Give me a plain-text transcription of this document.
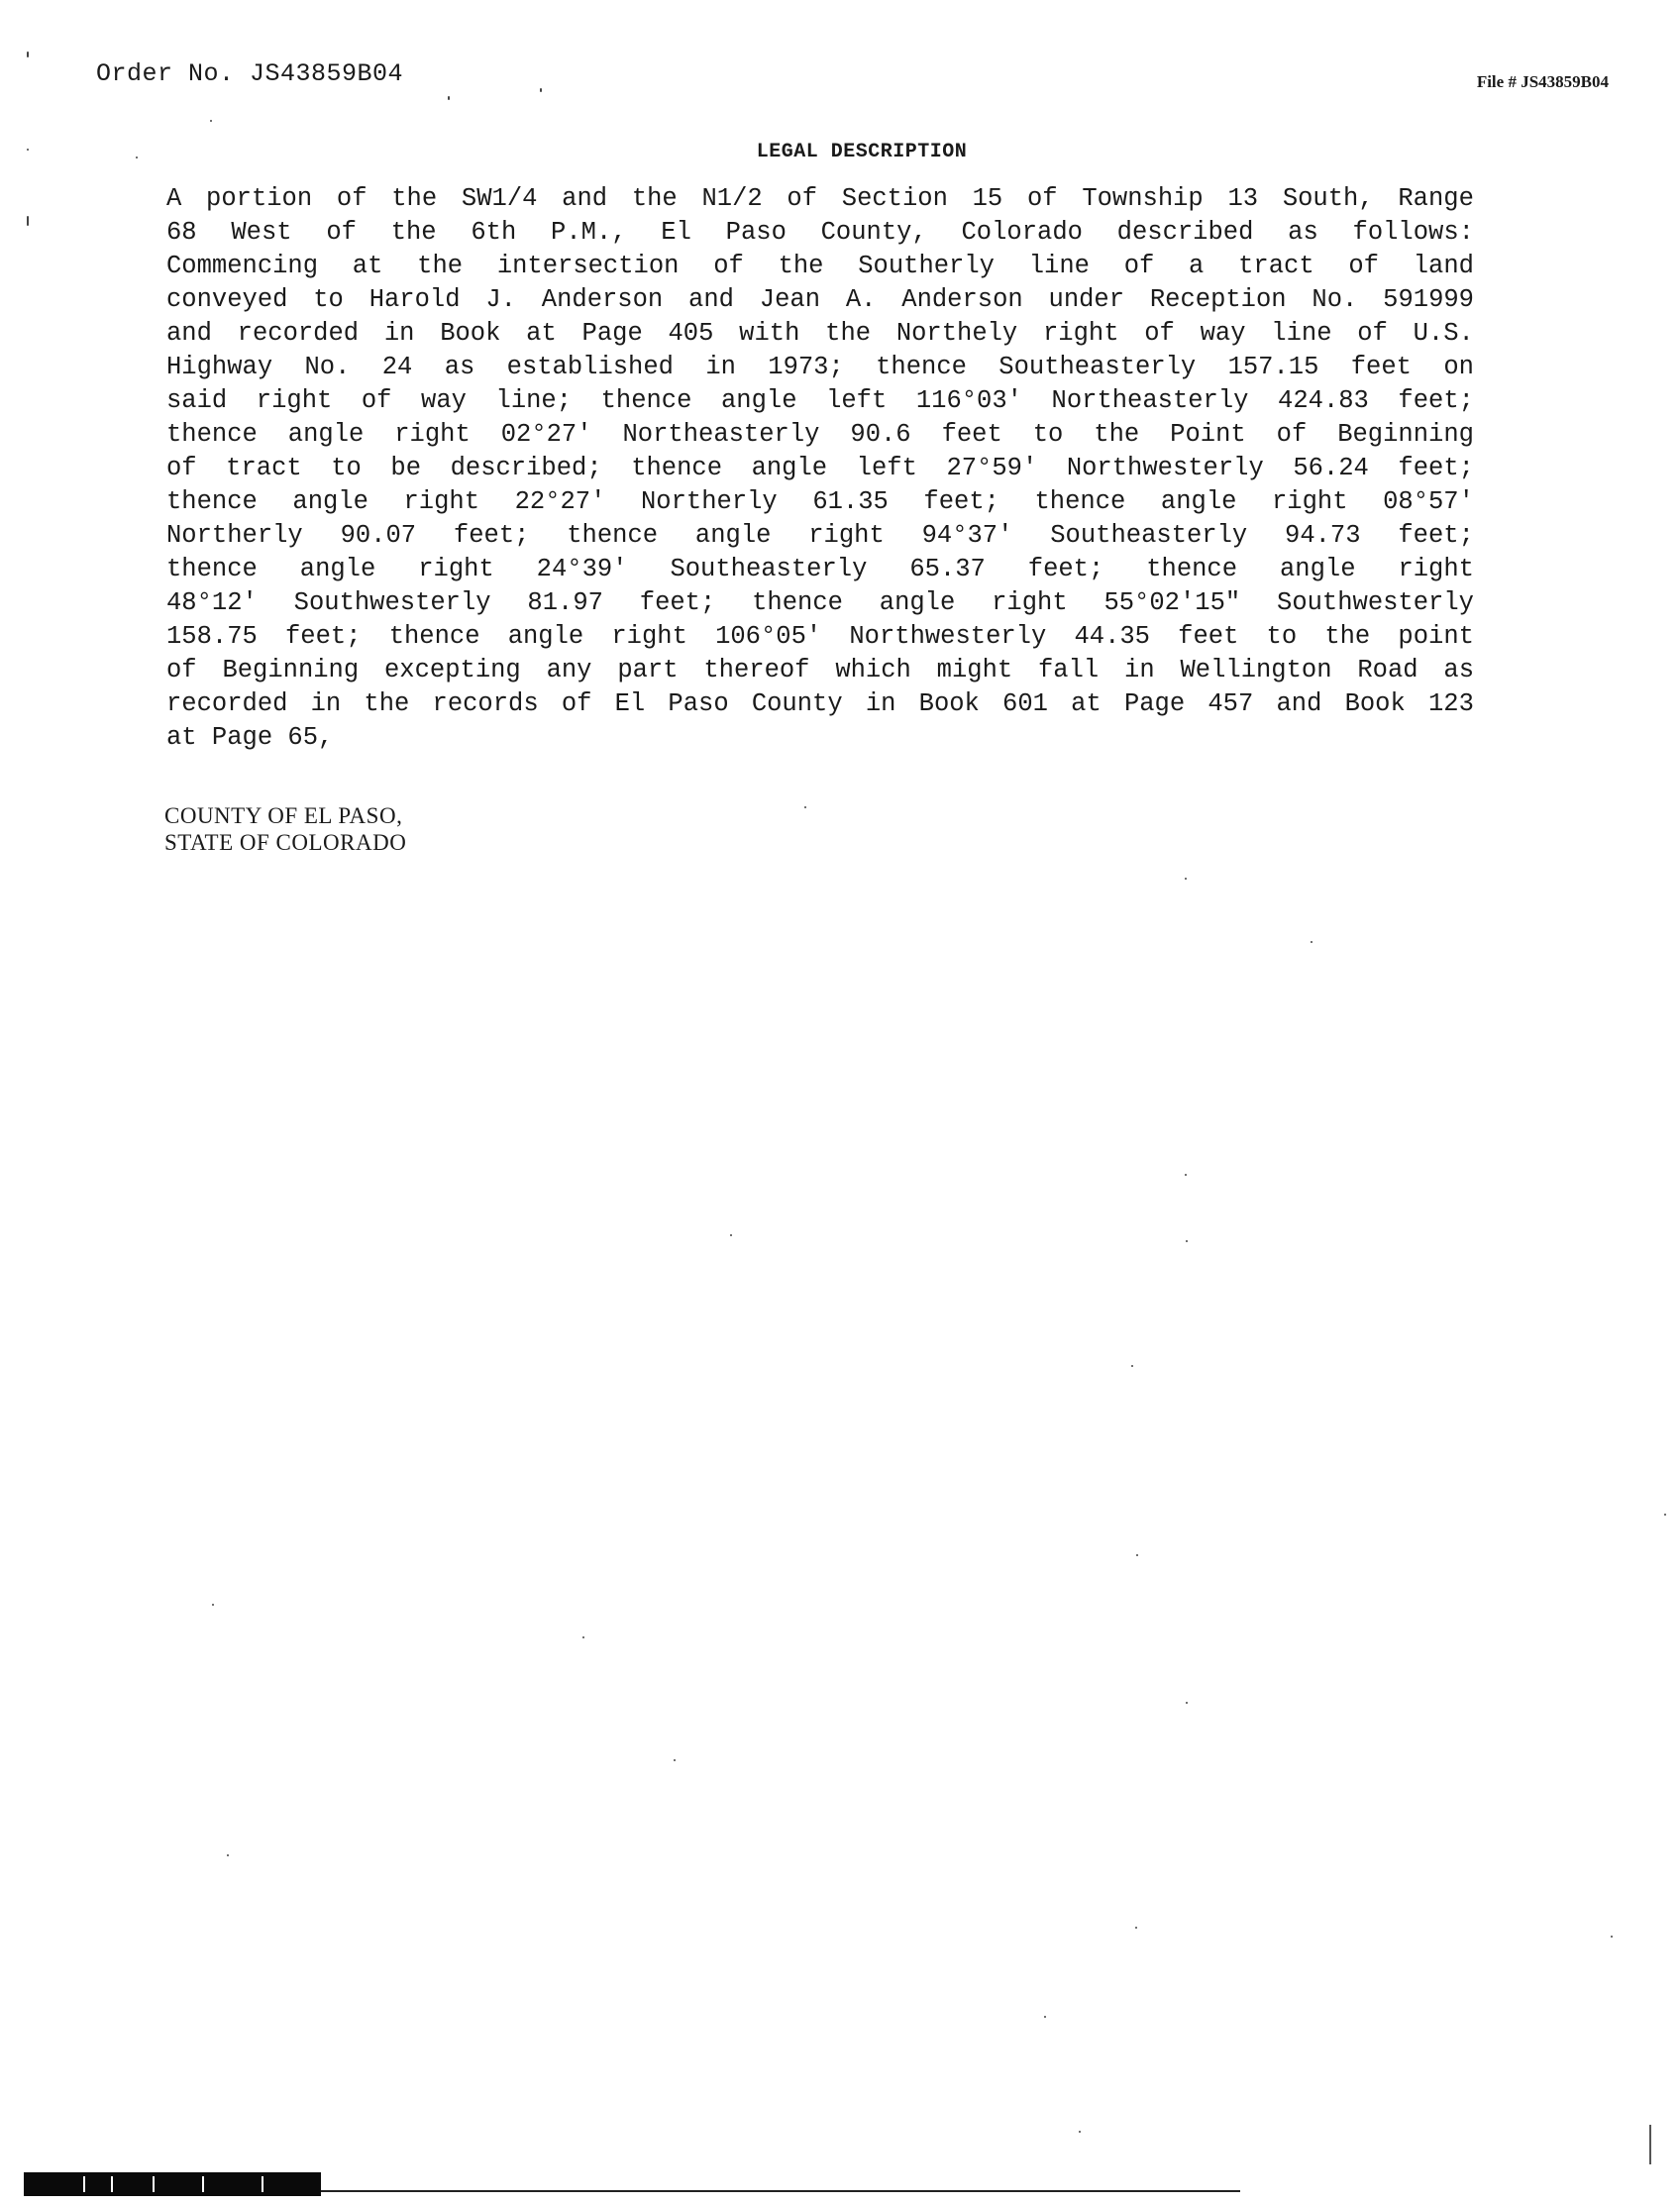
Order No. JS43859B04	File # JS43859B04
LEGAL DESCRIPTION
A portion of the SW1/4 and the N1/2 of Section 15 of Township 13 South, Range
68 West of the 6th P.M., El Paso County, Colorado described as follows:
Commencing at the intersection of the Southerly line of a tract of land
conveyed to Harold J. Anderson and Jean A. Anderson under Reception No. 591999
and recorded in Book at Page 405 with the Northely right of way line of U.S.
Highway No. 24 as established in 1973; thence Southeasterly 157.15 feet on
said right of way line; thence angle left 116°03' Northeasterly 424.83 feet;
thence angle right 02°27' Northeasterly 90.6 feet to the Point of Beginning
of tract to be described; thence angle left 27°59' Northwesterly 56.24 feet;
thence angle right 22°27' Northerly 61.35 feet; thence angle right 08°57'
Northerly 90.07 feet; thence angle right 94°37' Southeasterly 94.73 feet;
thence angle right 24°39' Southeasterly 65.37 feet; thence angle right
48°12' Southwesterly 81.97 feet; thence angle right 55°02'15" Southwesterly
158.75 feet; thence angle right 106°05' Northwesterly 44.35 feet to the point
of Beginning excepting any part thereof which might fall in Wellington Road as
recorded in the records of El Paso County in Book 601 at Page 457 and Book 123
at Page 65,
COUNTY OF EL PASO,
STATE OF COLORADO
